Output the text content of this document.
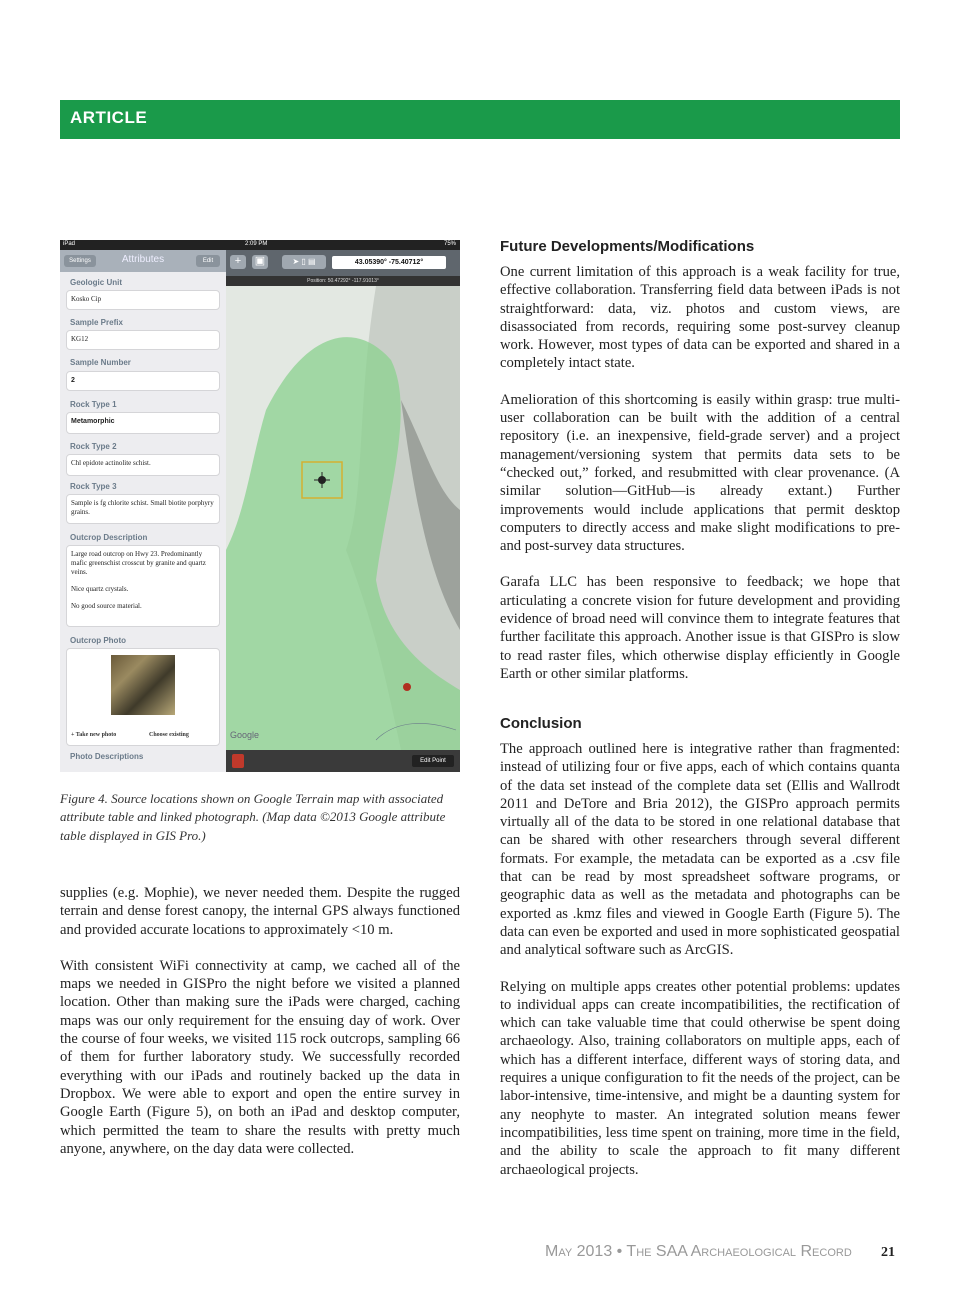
ARTICLE
iPad	2:09 PM	75%
Settings	Attributes	Edit
Geologic Unit
Kosko Cip
Sample Prefix
KG12
Sample Number
2
Rock Type 1
Metamorphic
Rock Type 2
Chl epidote actinolite schist.
Rock Type 3
Sample is fg chlorite schist. Small biotite porphyry grains.
Outcrop Description
Large road outcrop on Hwy 23. Predominantly mafic greenschist crosscut by granite and quartz veins.
Nice quartz crystals.
No good source material.
Outcrop Photo
+ Take new photo	Choose existing
Photo Descriptions
+	▣	➤ ▯ ▤	43.05390° -75.40712°
Position: 50.47292° -117.91013°
Google
Edit Point
Figure 4. Source locations shown on Google Terrain map with associated attribute table and linked photograph. (Map data ©2013 Google attribute table displayed in GIS Pro.)

supplies (e.g. Mophie), we never needed them. Despite the rugged terrain and dense forest canopy, the internal GPS always functioned and provided accurate locations to approximately <10 m.

With consistent WiFi connectivity at camp, we cached all of the maps we needed in GISPro the night before we visited a planned location. Other than making sure the iPads were charged, caching maps was our only requirement for the ensuing day of work. Over the course of four weeks, we visited 115 rock outcrops, sampling 66 of them for further laboratory study. We successfully recorded everything with our iPads and routinely backed up the data in Dropbox. We were able to export and open the entire survey in Google Earth (Figure 5), on both an iPad and desktop computer, which permitted the team to share the results with pretty much anyone, anywhere, on the day data were collected.

Future Developments/Modifications

One current limitation of this approach is a weak facility for true, effective collaboration. Transferring field data between iPads is not straightforward: data, viz. photos and custom views, are disassociated from records, requiring some post-survey cleanup work. However, most types of data can be exported and shared in a completely intact state.

Amelioration of this shortcoming is easily within grasp: true multi-user collaboration can be built with the addition of a central repository (i.e. an inexpensive, field-grade server) and a project management/versioning system that permits data sets to be “checked out,” forked, and resubmitted with clear provenance. (A similar solution—GitHub—is already extant.) Further improvements would include applications that permit desktop computers to directly access and make slight modifications to pre- and post-survey data structures.

Garafa LLC has been responsive to feedback; we hope that articulating a concrete vision for future development and providing evidence of broad need will convince them to integrate features that further facilitate this approach. Another issue is that GISPro is slow to read raster files, which otherwise display efficiently in Google Earth or other similar platforms.

Conclusion

The approach outlined here is integrative rather than fragmented: instead of utilizing four or five apps, each of which contains quanta of the data set instead of the complete data set (Ellis and Wallrodt 2011 and DeTore and Bria 2012), the GISPro approach permits virtually all of the data to be stored in one relational database that can be shared with other researchers through several different formats. For example, the metadata can be exported as a .csv file that can be read by most spreadsheet software programs, or geographic data as well as the metadata and photographs can be exported as .kmz files and viewed in Google Earth (Figure 5). The data can even be exported and used in more sophisticated geospatial and analytical software such as ArcGIS.

Relying on multiple apps creates other potential problems: updates to individual apps can create incompatibilities, the rectification of which can take valuable time that could otherwise be spent doing archaeology. Also, training collaborators on multiple apps, each of which has a different interface, different ways of storing data, and requires a unique configuration to fit the needs of the project, can be labor-intensive, time-intensive, and might be a daunting system for any neophyte to master. An integrated solution means fewer incompatibilities, less time spent on training, more time in the field, and the ability to scale the approach to fit many different archaeological projects.

May 2013 • The SAA Archaeological Record 21
